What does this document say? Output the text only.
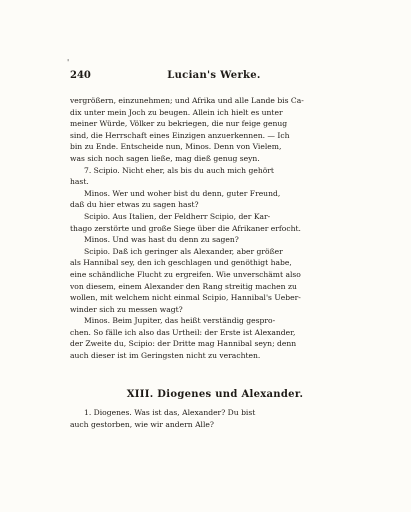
'
240	Lucian's Werke.
vergrößern, einzunehmen; und Afrika und alle Lande bis Ca-
dix unter mein Joch zu beugen. Allein ich hielt es unter
meiner Würde, Völker zu bekriegen, die nur feige genug
sind, die Herrschaft eines Einzigen anzuerkennen. — Ich
bin zu Ende. Entscheide nun, Minos. Denn von Vielem,
was sich noch sagen ließe, mag dieß genug seyn.
7. Scipio. Nicht eher, als bis du auch mich gehört
hast.
Minos. Wer und woher bist du denn, guter Freund,
daß du hier etwas zu sagen hast?
Scipio. Aus Italien, der Feldherr Scipio, der Kar-
thago zerstörte und große Siege über die Afrikaner erfocht.
Minos. Und was hast du denn zu sagen?
Scipio. Daß ich geringer als Alexander, aber größer
als Hannibal sey, den ich geschlagen und genöthigt habe,
eine schändliche Flucht zu ergreifen. Wie unverschämt also
von diesem, einem Alexander den Rang streitig machen zu
wollen, mit welchem nicht einmal Scipio, Hannibal's Ueber-
winder sich zu messen wagt?
Minos. Beim Jupiter, das heißt verständig gespro-
chen. So fälle ich also das Urtheil: der Erste ist Alexander,
der Zweite du, Scipio: der Dritte mag Hannibal seyn; denn
auch dieser ist im Geringsten nicht zu verachten.
XIII. Diogenes und Alexander.
1. Diogenes. Was ist das, Alexander? Du bist
auch gestorben, wie wir andern Alle?
